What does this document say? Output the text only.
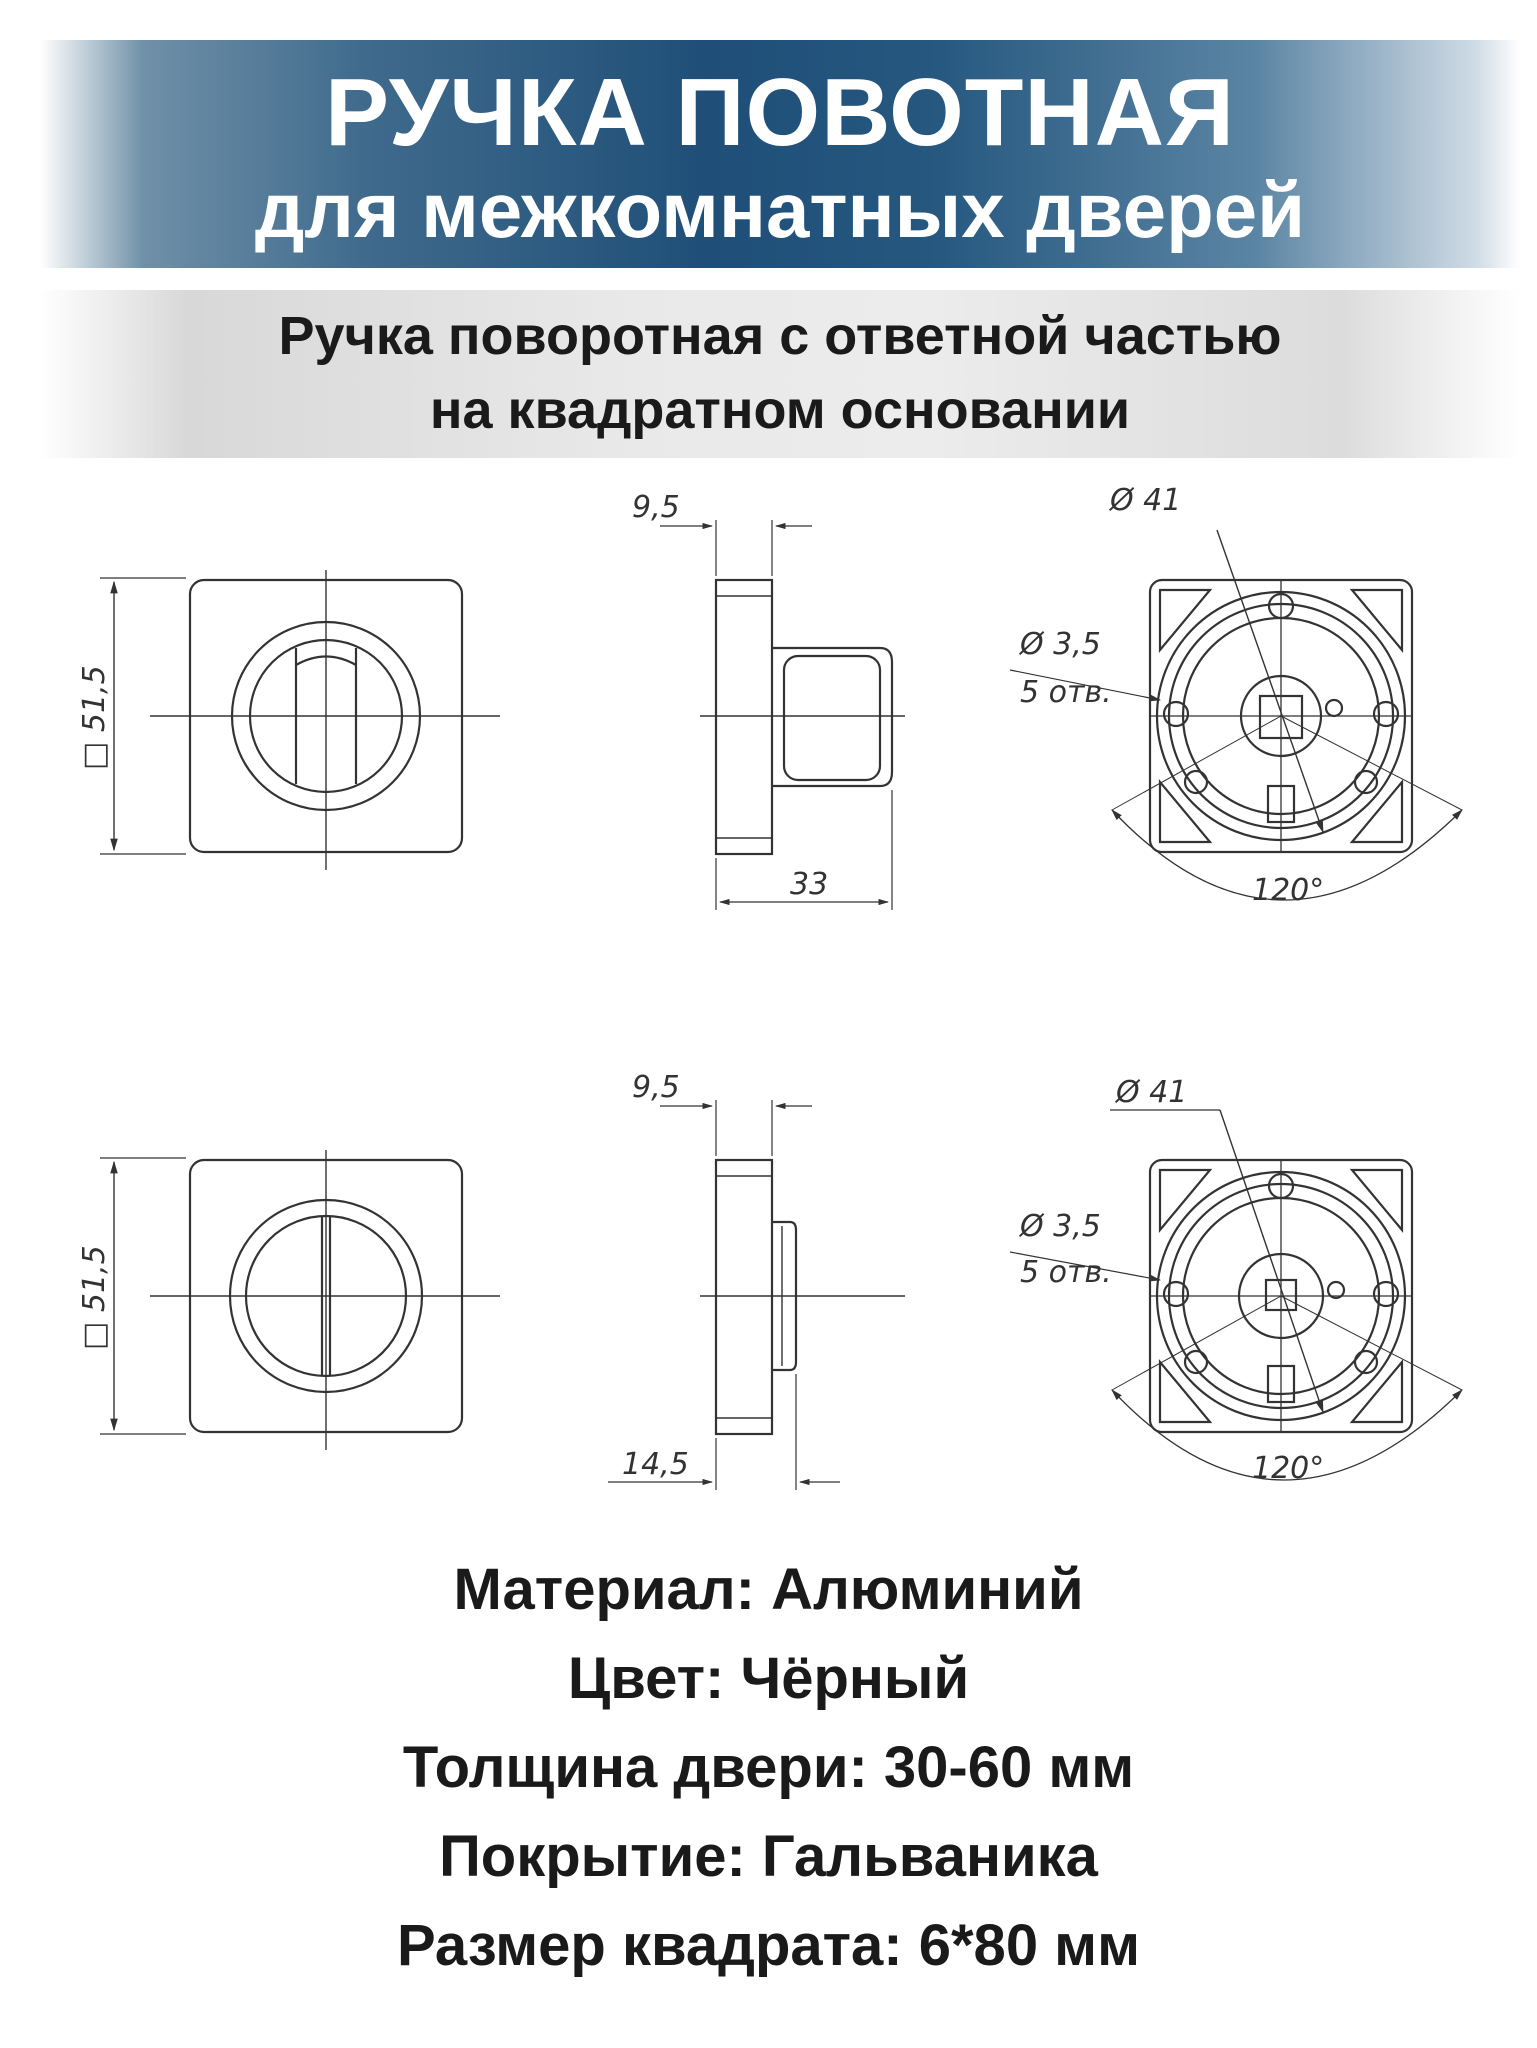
РУЧКА ПОВОТНАЯ
для межкомнатных дверей
Ручка поворотная с ответной частью
на квадратном основании
□ 51,5
9,5
33
Ø 41
Ø 3,5
5 отв.
120°
□ 51,5
9,5
14,5
Ø 41
Ø 3,5
5 отв.
120°
Материал: Алюминий
Цвет: Чёрный
Толщина двери: 30-60 мм
Покрытие: Гальваника
Размер квадрата: 6*80 мм
